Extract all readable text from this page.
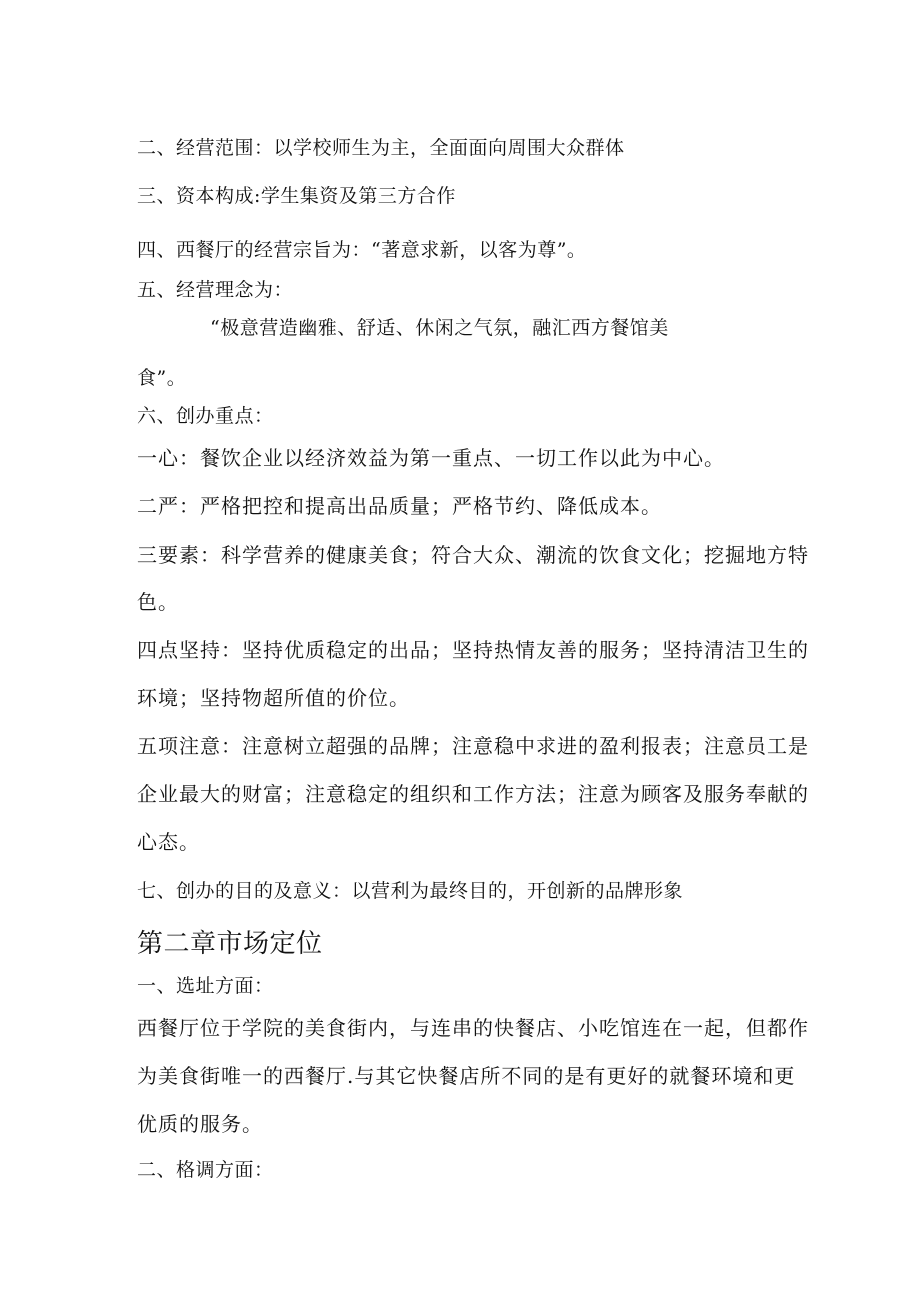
二、经营范围：以学校师生为主，全面面向周围大众群体
三、资本构成:学生集资及第三方合作
四、西餐厅的经营宗旨为：“著意求新，以客为尊”。
五、经营理念为：
“极意营造幽雅、舒适、休闲之气氛，融汇西方餐馆美
食”。
六、创办重点：
一心：餐饮企业以经济效益为第一重点、一切工作以此为中心。
二严：严格把控和提高出品质量；严格节约、降低成本。
三要素：科学营养的健康美食；符合大众、潮流的饮食文化；挖掘地方特
色。
四点坚持：坚持优质稳定的出品；坚持热情友善的服务；坚持清洁卫生的
环境；坚持物超所值的价位。
五项注意：注意树立超强的品牌；注意稳中求进的盈利报表；注意员工是
企业最大的财富；注意稳定的组织和工作方法；注意为顾客及服务奉献的
心态。
七、创办的目的及意义：以营利为最终目的，开创新的品牌形象
第二章市场定位
一、选址方面：
西餐厅位于学院的美食街内，与连串的快餐店、小吃馆连在一起，但都作
为美食街唯一的西餐厅.与其它快餐店所不同的是有更好的就餐环境和更
优质的服务。
二、格调方面：
